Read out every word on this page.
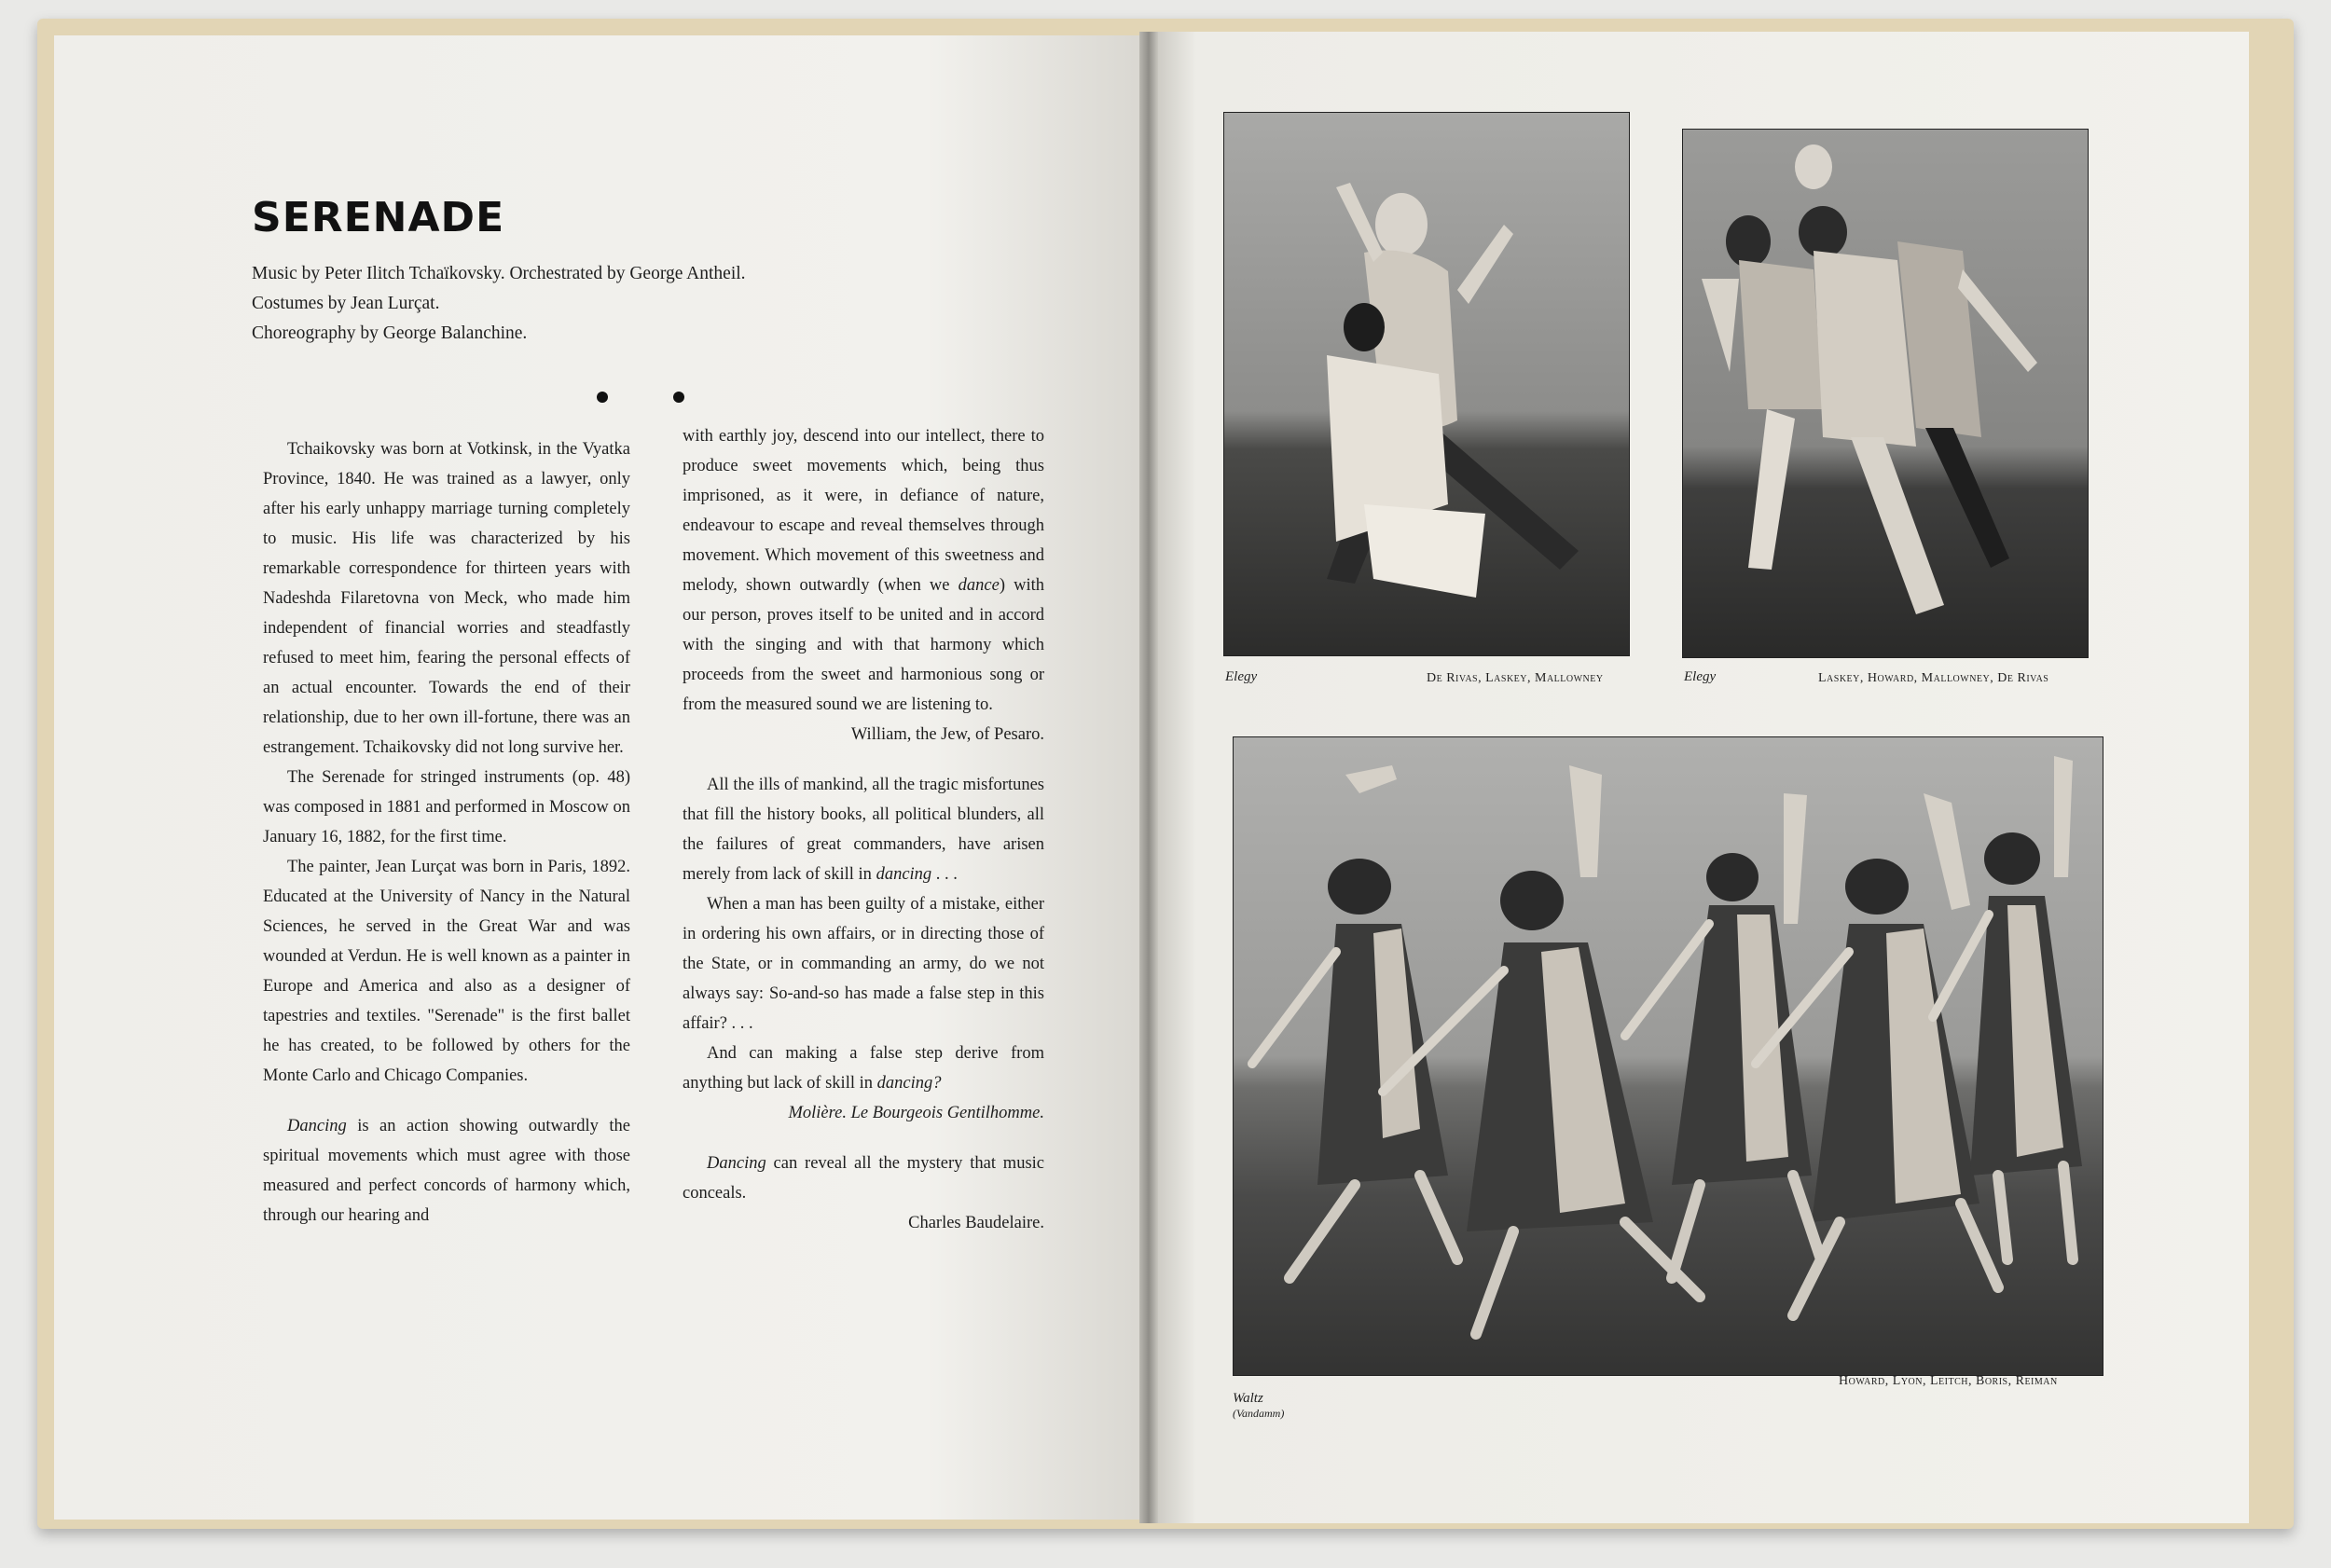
SERENADE
Music by Peter Ilitch Tchaïkovsky. Orchestrated by George Antheil.
Costumes by Jean Lurçat.
Choreography by George Balanchine.

Tchaikovsky was born at Votkinsk, in the Vyatka Province, 1840. He was trained as a lawyer, only after his early unhappy marriage turning completely to music. His life was characterized by his remarkable correspondence for thirteen years with Nadeshda Filaretovna von Meck, who made him independent of financial worries and steadfastly refused to meet him, fearing the personal effects of an actual encounter. Towards the end of their relationship, due to her own ill-fortune, there was an estrangement. Tchaikovsky did not long survive her.

The Serenade for stringed instruments (op. 48) was composed in 1881 and performed in Moscow on January 16, 1882, for the first time.

The painter, Jean Lurçat was born in Paris, 1892. Educated at the University of Nancy in the Natural Sciences, he served in the Great War and was wounded at Verdun. He is well known as a painter in Europe and America and also as a designer of tapestries and textiles. "Serenade" is the first ballet he has created, to be followed by others for the Monte Carlo and Chicago Companies.

Dancing is an action showing outwardly the spiritual movements which must agree with those measured and perfect concords of harmony which, through our hearing and

with earthly joy, descend into our intellect, there to produce sweet movements which, being thus imprisoned, as it were, in defiance of nature, endeavour to escape and reveal themselves through movement. Which movement of this sweetness and melody, shown outwardly (when we dance) with our person, proves itself to be united and in accord with the singing and with that harmony which proceeds from the sweet and harmonious song or from the measured sound we are listening to.

William, the Jew, of Pesaro.

All the ills of mankind, all the tragic misfortunes that fill the history books, all political blunders, all the failures of great commanders, have arisen merely from lack of skill in dancing . . .

When a man has been guilty of a mistake, either in ordering his own affairs, or in directing those of the State, or in commanding an army, do we not always say: So-and-so has made a false step in this affair? . . .

And can making a false step derive from anything but lack of skill in dancing?

Molière. Le Bourgeois Gentilhomme.

Dancing can reveal all the mystery that music conceals.

Charles Baudelaire.

Elegy	De Rivas, Laskey, Mallowney	Elegy	Laskey, Howard, Mallowney, De Rivas
Waltz
(Vandamm)
Howard, Lyon, Leitch, Boris, Reiman
